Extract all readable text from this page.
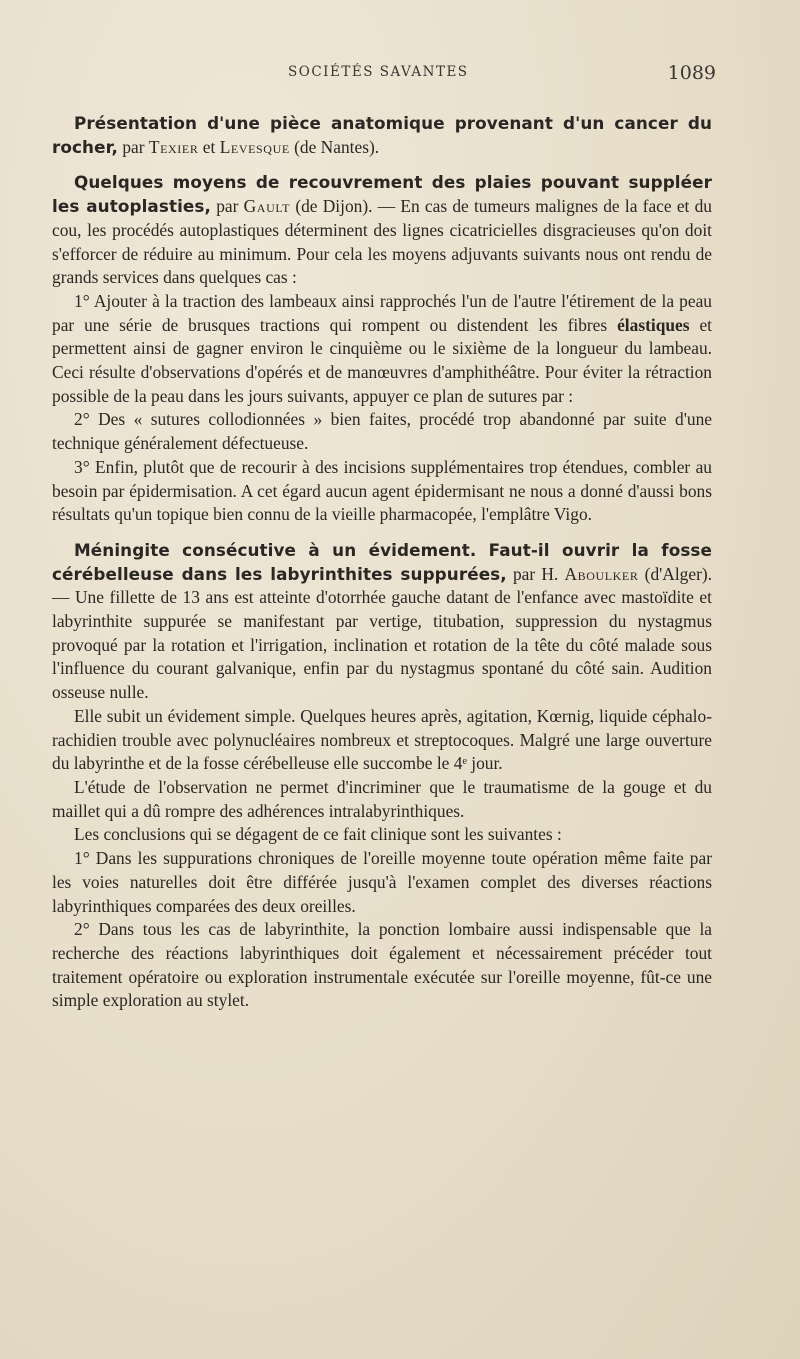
SOCIÉTÉS SAVANTES	1089

Présentation d'une pièce anatomique provenant d'un cancer du rocher, par Texier et Levesque (de Nantes).

Quelques moyens de recouvrement des plaies pouvant suppléer les autoplasties, par Gault (de Dijon). — En cas de tumeurs malignes de la face et du cou, les procédés autoplastiques déterminent des lignes cicatricielles disgracieuses qu'on doit s'efforcer de réduire au minimum. Pour cela les moyens adjuvants suivants nous ont rendu de grands services dans quelques cas :

1° Ajouter à la traction des lambeaux ainsi rapprochés l'un de l'autre l'étirement de la peau par une série de brusques tractions qui rompent ou distendent les fibres élastiques et permettent ainsi de gagner environ le cinquième ou le sixième de la longueur du lambeau. Ceci résulte d'observations d'opérés et de manœuvres d'amphithéâtre. Pour éviter la rétraction possible de la peau dans les jours suivants, appuyer ce plan de sutures par :

2° Des « sutures collodionnées » bien faites, procédé trop abandonné par suite d'une technique généralement défectueuse.

3° Enfin, plutôt que de recourir à des incisions supplémentaires trop étendues, combler au besoin par épidermisation. A cet égard aucun agent épidermisant ne nous a donné d'aussi bons résultats qu'un topique bien connu de la vieille pharmacopée, l'emplâtre Vigo.

Méningite consécutive à un évidement. Faut-il ouvrir la fosse cérébelleuse dans les labyrinthites suppurées, par H. Aboulker (d'Alger). — Une fillette de 13 ans est atteinte d'otorrhée gauche datant de l'enfance avec mastoïdite et labyrinthite suppurée se manifestant par vertige, titubation, suppression du nystagmus provoqué par la rotation et l'irrigation, inclination et rotation de la tête du côté malade sous l'influence du courant galvanique, enfin par du nystagmus spontané du côté sain. Audition osseuse nulle.

Elle subit un évidement simple. Quelques heures après, agitation, Kœrnig, liquide céphalo-rachidien trouble avec polynucléaires nombreux et streptocoques. Malgré une large ouverture du labyrinthe et de la fosse cérébelleuse elle succombe le 4ᵉ jour.

L'étude de l'observation ne permet d'incriminer que le traumatisme de la gouge et du maillet qui a dû rompre des adhérences intralabyrinthiques.

Les conclusions qui se dégagent de ce fait clinique sont les suivantes :

1° Dans les suppurations chroniques de l'oreille moyenne toute opération même faite par les voies naturelles doit être différée jusqu'à l'examen complet des diverses réactions labyrinthiques comparées des deux oreilles.

2° Dans tous les cas de labyrinthite, la ponction lombaire aussi indispensable que la recherche des réactions labyrinthiques doit également et nécessairement précéder tout traitement opératoire ou exploration instrumentale exécutée sur l'oreille moyenne, fût-ce une simple exploration au stylet.
